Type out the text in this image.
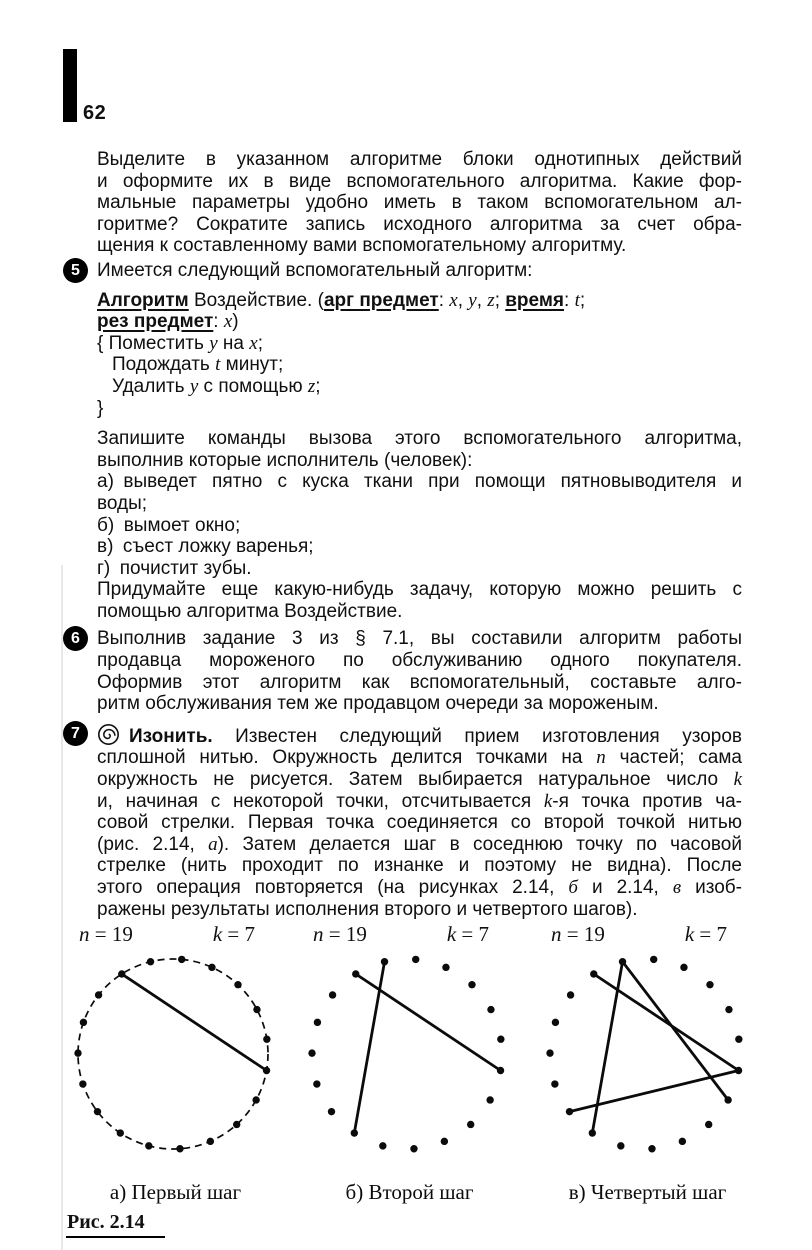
62
Выделите в указанном алгоритме блоки однотипных действий
и оформите их в виде вспомогательного алгоритма. Какие фор-
мальные параметры удобно иметь в таком вспомогательном ал-
горитме? Сократите запись исходного алгоритма за счет обра-
щения к составленному вами вспомогательному алгоритму.
5 Имеется следующий вспомогательный алгоритм:
Алгоритм Воздействие. (арг предмет: x, y, z; время: t;
рез предмет: x)
{ Поместить y на x;
Подождать t минут;
Удалить y с помощью z;
}
Запишите команды вызова этого вспомогательного алгоритма,
выполнив которые исполнитель (человек):
а) выведет пятно с куска ткани при помощи пятновыводителя и
воды;
б) вымоет окно;
в) съест ложку варенья;
г) почистит зубы.
Придумайте еще какую-нибудь задачу, которую можно решить с
помощью алгоритма Воздействие.
6 Выполнив задание 3 из § 7.1, вы составили алгоритм работы
продавца мороженого по обслуживанию одного покупателя.
Оформив этот алгоритм как вспомогательный, составьте алго-
ритм обслуживания тем же продавцом очереди за мороженым.
7	Изонить. Известен следующий прием изготовления узоров
сплошной нитью. Окружность делится точками на n частей; сама
окружность не рисуется. Затем выбирается натуральное число k
и, начиная с некоторой точки, отсчитывается k-я точка против ча-
совой стрелки. Первая точка соединяется со второй точкой нитью
(рис. 2.14, а). Затем делается шаг в соседнюю точку по часовой
стрелке (нить проходит по изнанке и поэтому не видна). После
этого операция повторяется (на рисунках 2.14, б и 2.14, в изоб-
ражены результаты исполнения второго и четвертого шагов).
n = 19	k = 7
а) Первый шаг
n = 19	k = 7
б) Второй шаг
n = 19	k = 7
в) Четвертый шаг
Рис. 2.14
